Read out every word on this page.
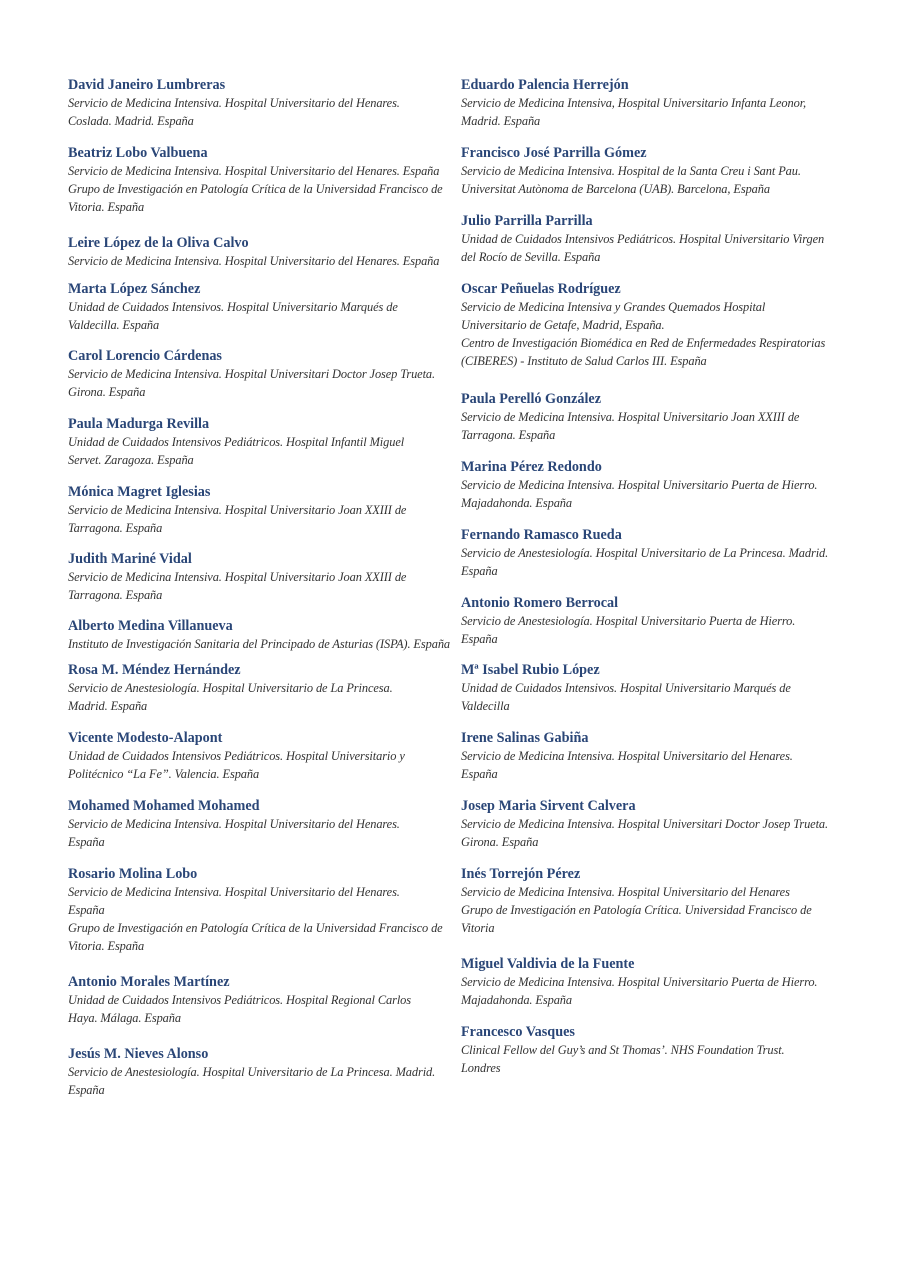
David Janeiro Lumbreras
Servicio de Medicina Intensiva. Hospital Universitario del Henares.
Coslada. Madrid. España
Beatriz Lobo Valbuena
Servicio de Medicina Intensiva. Hospital Universitario del Henares. España
Grupo de Investigación en Patología Crítica de la Universidad Francisco de
Vitoria. España
Leire López de la Oliva Calvo
Servicio de Medicina Intensiva. Hospital Universitario del Henares. España
Marta López Sánchez
Unidad de Cuidados Intensivos. Hospital Universitario Marqués de
Valdecilla. España
Carol Lorencio Cárdenas
Servicio de Medicina Intensiva. Hospital Universitari Doctor Josep Trueta.
Girona. España
Paula Madurga Revilla
Unidad de Cuidados Intensivos Pediátricos. Hospital Infantil Miguel
Servet. Zaragoza. España
Mónica Magret Iglesias
Servicio de Medicina Intensiva. Hospital Universitario Joan XXIII de
Tarragona. España
Judith Mariné Vidal
Servicio de Medicina Intensiva. Hospital Universitario Joan XXIII de
Tarragona. España
Alberto Medina Villanueva
Instituto de Investigación Sanitaria del Principado de Asturias (ISPA). España
Rosa M. Méndez Hernández
Servicio de Anestesiología. Hospital Universitario de La Princesa.
Madrid. España
Vicente Modesto-Alapont
Unidad de Cuidados Intensivos Pediátricos. Hospital Universitario y
Politécnico “La Fe”. Valencia. España
Mohamed Mohamed Mohamed
Servicio de Medicina Intensiva. Hospital Universitario del Henares.
España
Rosario Molina Lobo
Servicio de Medicina Intensiva. Hospital Universitario del Henares.
España
Grupo de Investigación en Patología Crítica de la Universidad Francisco de
Vitoria. España
Antonio Morales Martínez
Unidad de Cuidados Intensivos Pediátricos. Hospital Regional Carlos
Haya. Málaga. España
Jesús M. Nieves Alonso
Servicio de Anestesiología. Hospital Universitario de La Princesa. Madrid.
España
Eduardo Palencia Herrejón
Servicio de Medicina Intensiva, Hospital Universitario Infanta Leonor,
Madrid. España
Francisco José Parrilla Gómez
Servicio de Medicina Intensiva. Hospital de la Santa Creu i Sant Pau.
Universitat Autònoma de Barcelona (UAB). Barcelona, España
Julio Parrilla Parrilla
Unidad de Cuidados Intensivos Pediátricos. Hospital Universitario Virgen
del Rocío de Sevilla. España
Oscar Peñuelas Rodríguez
Servicio de Medicina Intensiva y Grandes Quemados Hospital
Universitario de Getafe, Madrid, España.
Centro de Investigación Biomédica en Red de Enfermedades Respiratorias
(CIBERES) - Instituto de Salud Carlos III. España
Paula Perelló González
Servicio de Medicina Intensiva. Hospital Universitario Joan XXIII de
Tarragona. España
Marina Pérez Redondo
Servicio de Medicina Intensiva. Hospital Universitario Puerta de Hierro.
Majadahonda. España
Fernando Ramasco Rueda
Servicio de Anestesiología. Hospital Universitario de La Princesa. Madrid.
España
Antonio Romero Berrocal
Servicio de Anestesiología. Hospital Universitario Puerta de Hierro.
España
Mª Isabel Rubio López
Unidad de Cuidados Intensivos. Hospital Universitario Marqués de
Valdecilla
Irene Salinas Gabiña
Servicio de Medicina Intensiva. Hospital Universitario del Henares.
España
Josep Maria Sirvent Calvera
Servicio de Medicina Intensiva. Hospital Universitari Doctor Josep Trueta.
Girona. España
Inés Torrejón Pérez
Servicio de Medicina Intensiva. Hospital Universitario del Henares
Grupo de Investigación en Patología Crítica. Universidad Francisco de
Vitoria
Miguel Valdivia de la Fuente
Servicio de Medicina Intensiva. Hospital Universitario Puerta de Hierro.
Majadahonda. España
Francesco Vasques
Clinical Fellow del Guy’s and St Thomas’. NHS Foundation Trust.
Londres
